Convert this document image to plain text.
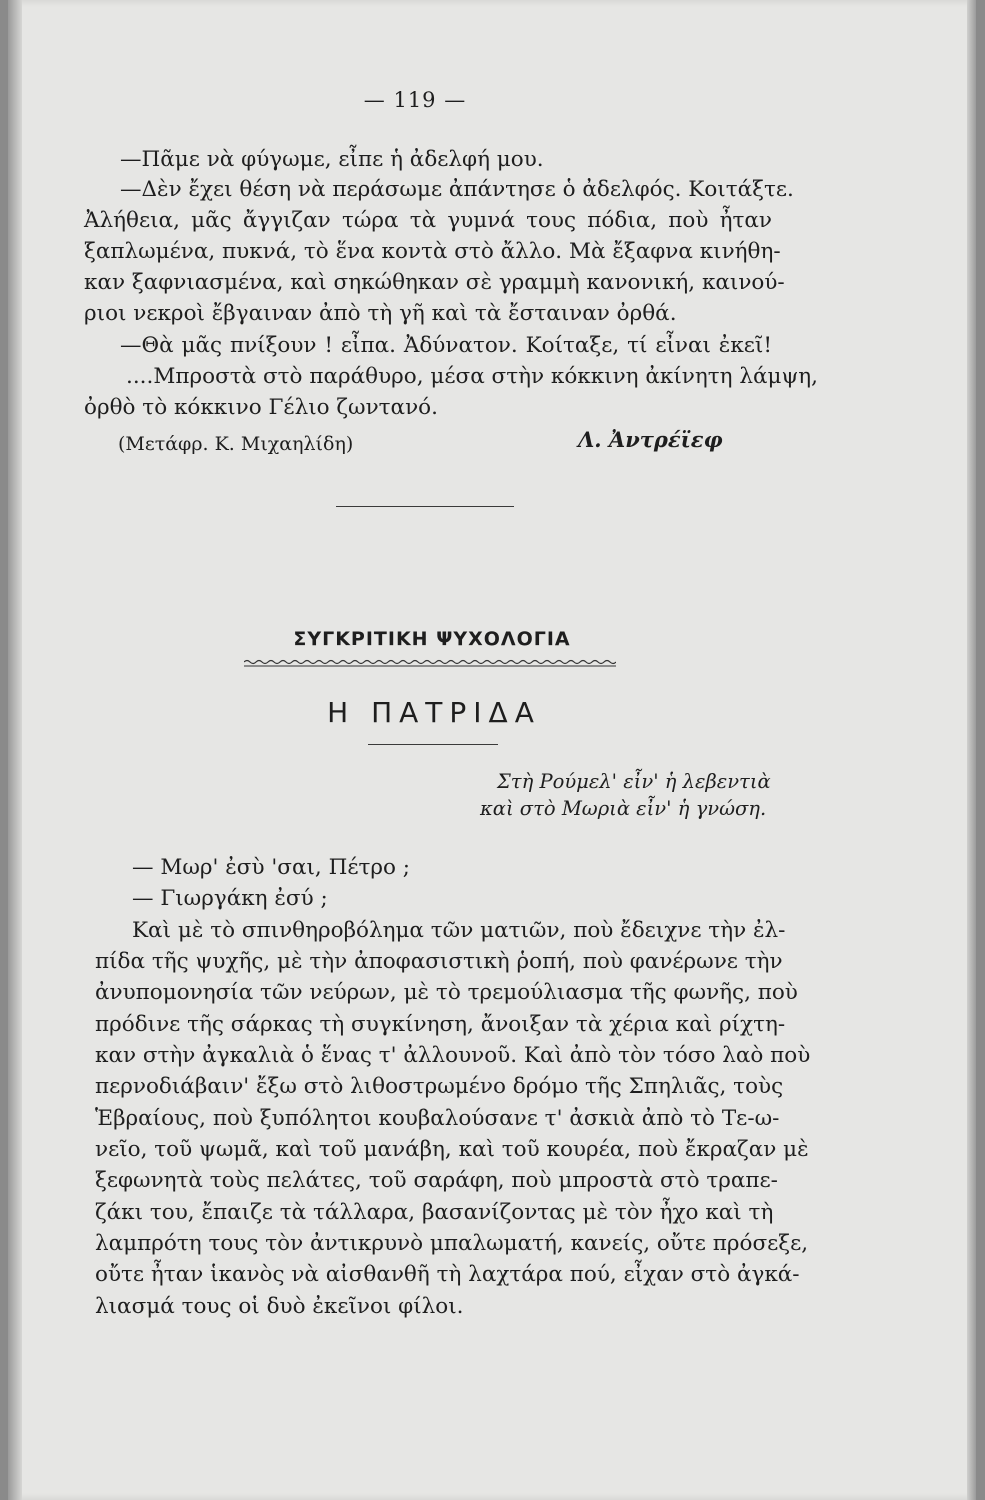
— 119 —
—Πᾶμε νὰ φύγωμε, εἶπε ἡ ἀδελφή μου.
—Δὲν ἔχει θέση νὰ περάσωμε ἀπάντησε ὁ ἀδελφός. Κοιτάξτε.
Ἀλήθεια, μᾶς ἄγγιζαν τώρα τὰ γυμνά τους πόδια, ποὺ ἦταν
ξαπλωμένα, πυκνά, τὸ ἕνα κοντὰ στὸ ἄλλο. Μὰ ἔξαφνα κινήθη-
καν ξαφνιασμένα, καὶ σηκώθηκαν σὲ γραμμὴ κανονική, καινού-
ριοι νεκροὶ ἔβγαιναν ἀπὸ τὴ γῆ καὶ τὰ ἔσταιναν ὀρθά.
—Θὰ μᾶς πνίξουν ! εἶπα. Ἀδύνατον. Κοίταξε, τί εἶναι ἐκεῖ!
....Μπροστὰ στὸ παράθυρο, μέσα στὴν κόκκινη ἀκίνητη λάμψη,
ὀρθὸ τὸ κόκκινο Γέλιο ζωντανό.
(Μετάφρ. Κ. Μιχαηλίδη)	Λ. Ἀντρέϊεφ
ΣΥΓΚΡΙΤΙΚΗ ΨΥΧΟΛΟΓΙΑ
Η ΠΑΤΡΙΔΑ
Στὴ Ρούμελ' εἶν' ἡ λεβεντιὰ
καὶ στὸ Μωριὰ εἶν' ἡ γνώση.
— Μωρ' ἐσὺ 'σαι, Πέτρο ;
— Γιωργάκη ἐσύ ;
Καὶ μὲ τὸ σπινθηροβόλημα τῶν ματιῶν, ποὺ ἔδειχνε τὴν ἐλ-
πίδα τῆς ψυχῆς, μὲ τὴν ἀποφασιστικὴ ῥοπή, ποὺ φανέρωνε τὴν
ἀνυπομονησία τῶν νεύρων, μὲ τὸ τρεμούλιασμα τῆς φωνῆς, ποὺ
πρόδινε τῆς σάρκας τὴ συγκίνηση, ἄνοιξαν τὰ χέρια καὶ ρίχτη-
καν στὴν ἀγκαλιὰ ὁ ἕνας τ' ἀλλουνοῦ. Καὶ ἀπὸ τὸν τόσο λαὸ ποὺ
περνοδιάβαιν' ἔξω στὸ λιθοστρωμένο δρόμο τῆς Σπηλιᾶς, τοὺς
Ἑβραίους, ποὺ ξυπόλητοι κουβαλούσανε τ' ἀσκιὰ ἀπὸ τὸ Τε-ω-
νεῖο, τοῦ ψωμᾶ, καὶ τοῦ μανάβη, καὶ τοῦ κουρέα, ποὺ ἔκραζαν μὲ
ξεφωνητὰ τοὺς πελάτες, τοῦ σαράφη, ποὺ μπροστὰ στὸ τραπε-
ζάκι του, ἔπαιζε τὰ τάλλαρα, βασανίζοντας μὲ τὸν ἦχο καὶ τὴ
λαμπρότη τους τὸν ἀντικρυνὸ μπαλωματή, κανείς, οὔτε πρόσεξε,
οὔτε ἦταν ἱκανὸς νὰ αἰσθανθῆ τὴ λαχτάρα πού, εἶχαν στὸ ἀγκά-
λιασμά τους οἱ δυὸ ἐκεῖνοι φίλοι.
